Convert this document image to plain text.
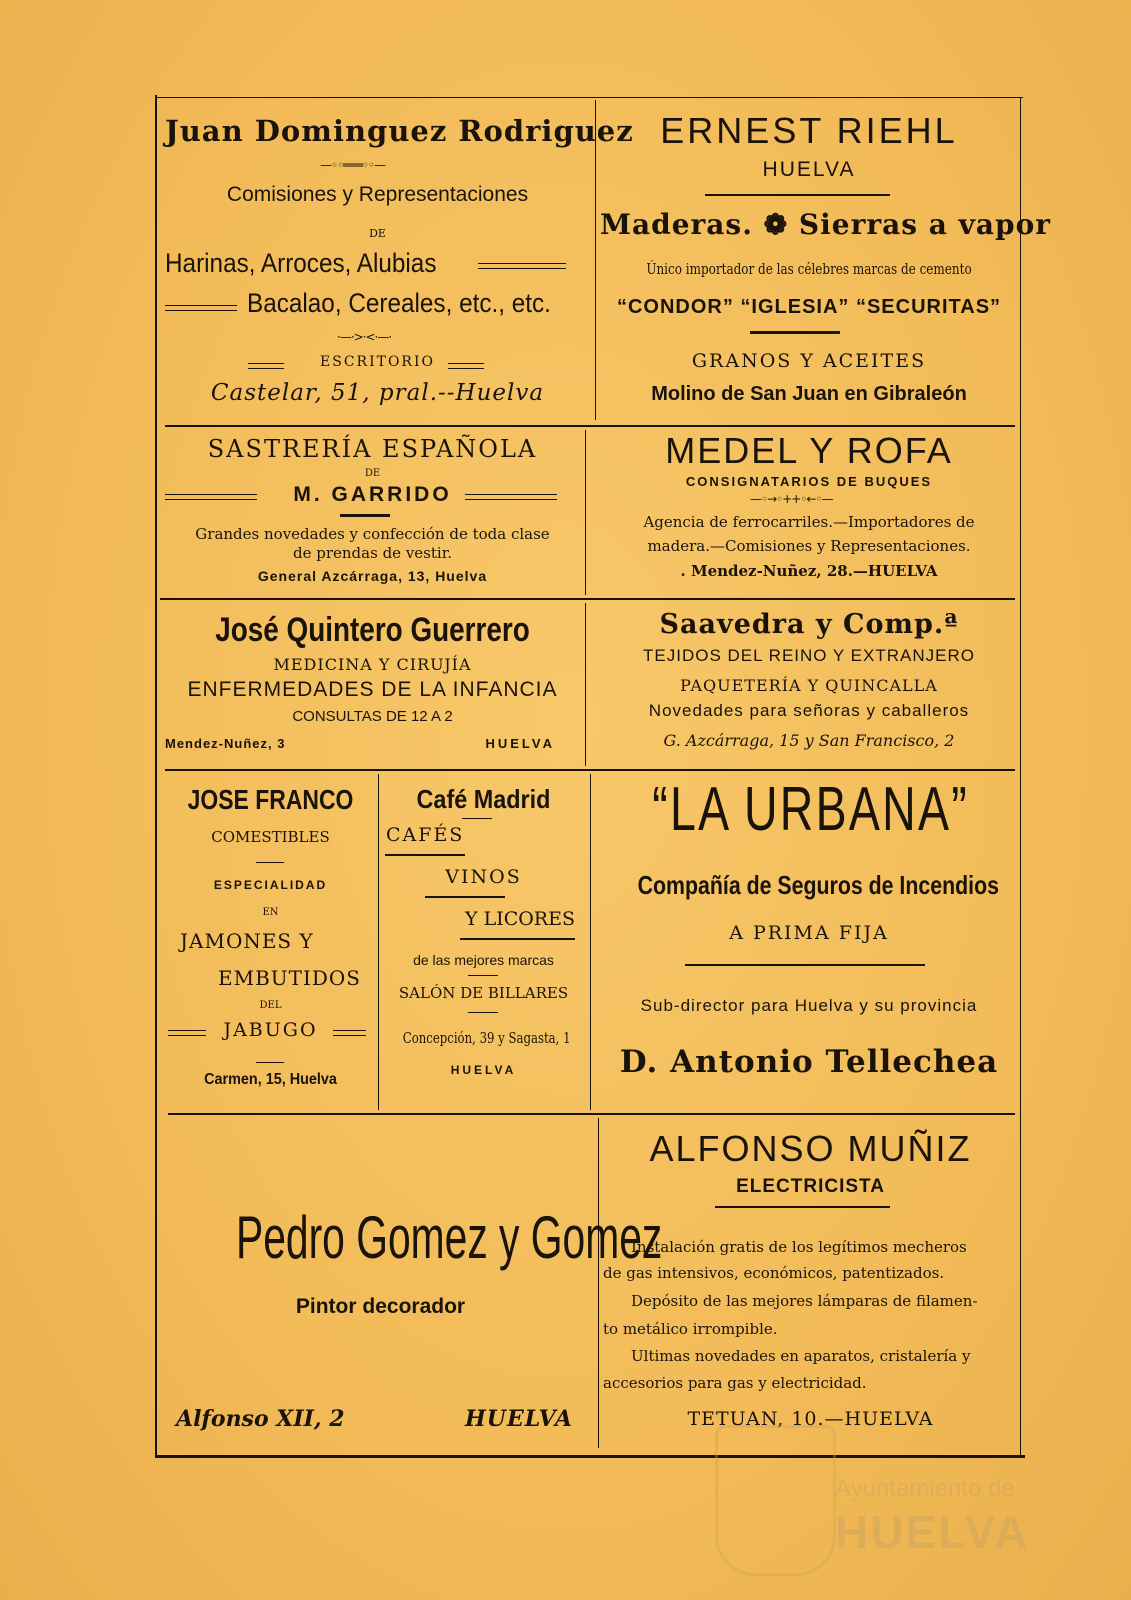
Juan Dominguez Rodriguez
—◦◦═══◦◦—
Comisiones y Representaciones
DE
Harinas, Arroces, Alubias
Bacalao, Cereales, etc., etc.
·—·>·<·—·
ESCRITORIO
Castelar, 51, pral.--Huelva
ERNEST RIEHL
HUELVA
Maderas. ❁ Sierras a vapor
Único importador de las célebres marcas de cemento
“CONDOR” “IGLESIA” “SECURITAS”
GRANOS Y ACEITES
Molino de San Juan en Gibraleón
SASTRERÍA ESPAÑOLA
DE
M. GARRIDO
Grandes novedades y confección de toda clase
de prendas de vestir.
General Azcárraga, 13, Huelva
MEDEL Y ROFA
CONSIGNATARIOS DE BUQUES
—◦→◦++◦←◦—
Agencia de ferrocarriles.—Importadores de
madera.—Comisiones y Representaciones.
. Mendez-Nuñez, 28.—HUELVA
José Quintero Guerrero
MEDICINA Y CIRUJÍA
ENFERMEDADES DE LA INFANCIA
CONSULTAS DE 12 A 2
Mendez-Nuñez, 3	HUELVA
Saavedra y Comp.ª
TEJIDOS DEL REINO Y EXTRANJERO
PAQUETERÍA Y QUINCALLA
Novedades para señoras y caballeros
G. Azcárraga, 15 y San Francisco, 2
JOSE FRANCO
COMESTIBLES
ESPECIALIDAD
EN
JAMONES Y
EMBUTIDOS
DEL
JABUGO
Carmen, 15, Huelva
Café Madrid
CAFÉS
VINOS
Y LICORES
de las mejores marcas
SALÓN DE BILLARES
Concepción, 39 y Sagasta, 1
HUELVA
“LA URBANA”
Compañía de Seguros de Incendios
A PRIMA FIJA
Sub-director para Huelva y su provincia
D. Antonio Tellechea
Pedro Gomez y Gomez
Pintor decorador
Alfonso XII, 2	HUELVA
ALFONSO MUÑIZ
ELECTRICISTA
Instalación gratis de los legítimos mecheros
de gas intensivos, económicos, patentizados.
Depósito de las mejores lámparas de filamen-
to metálico irrompible.
Ultimas novedades en aparatos, cristalería y
accesorios para gas y electricidad.
TETUAN, 10.—HUELVA
Ayuntamiento de
HUELVA
